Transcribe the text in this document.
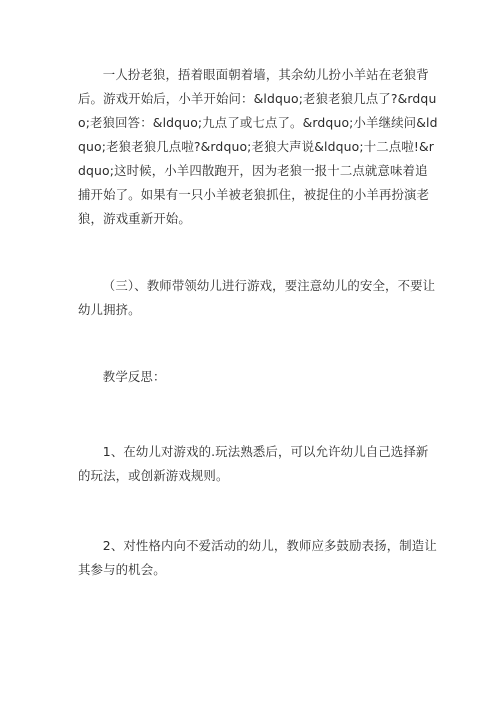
一人扮老狼，捂着眼面朝着墙，其余幼儿扮小羊站在老狼背后。游戏开始后，小羊开始问：&ldquo;老狼老狼几点了?&rdquo;老狼回答：&ldquo;九点了或七点了。&rdquo;小羊继续问&ldquo;老狼老狼几点啦?&rdquo;老狼大声说&ldquo;十二点啦!&rdquo;这时候，小羊四散跑开，因为老狼一报十二点就意味着追捕开始了。如果有一只小羊被老狼抓住，被捉住的小羊再扮演老狼，游戏重新开始。

（三）、教师带领幼儿进行游戏，要注意幼儿的安全，不要让幼儿拥挤。

教学反思：

1、在幼儿对游戏的.玩法熟悉后，可以允许幼儿自己选择新的玩法，或创新游戏规则。

2、对性格内向不爱活动的幼儿，教师应多鼓励表扬，制造让其参与的机会。
